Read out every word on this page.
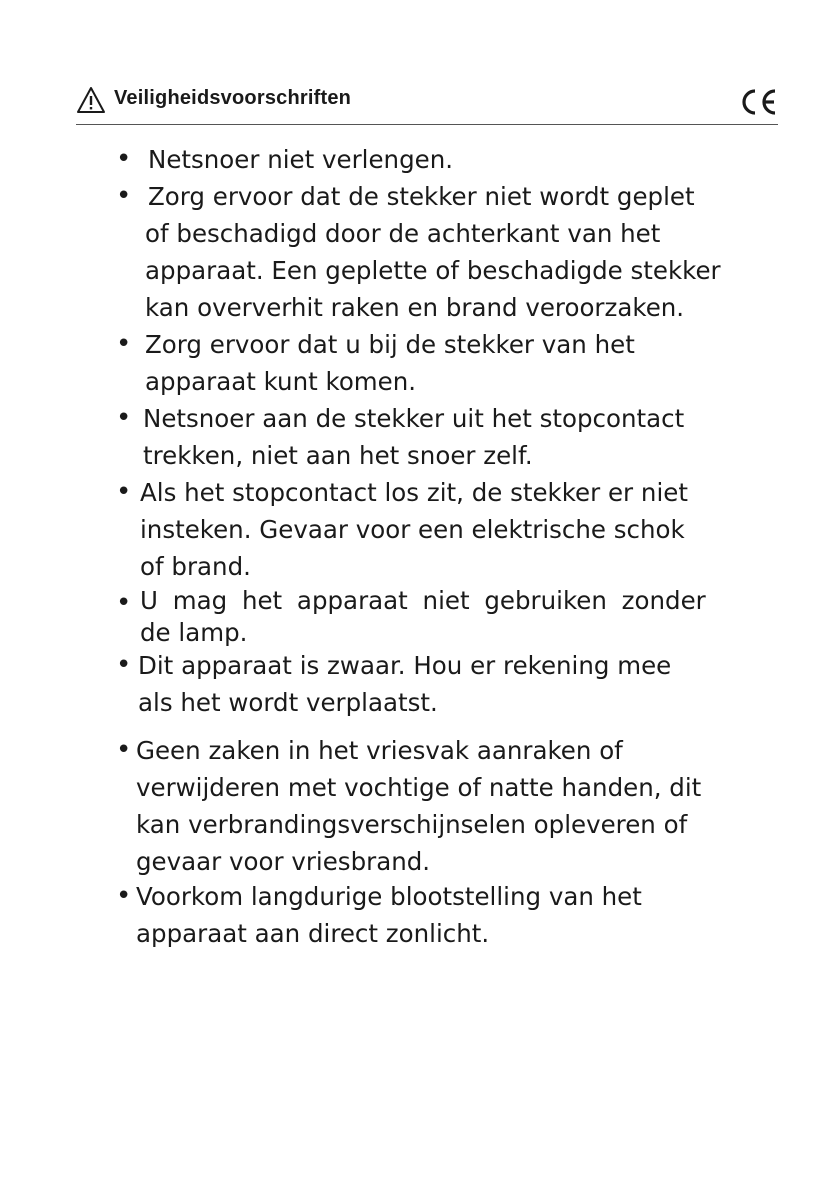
Veiligheidsvoorschriften
• Netsnoer niet verlengen.
• Zorg ervoor dat de stekker niet wordt geplet
of beschadigd door de achterkant van het
apparaat. Een geplette of beschadigde stekker
kan oververhit raken en brand veroorzaken.
• Zorg ervoor dat u bij de stekker van het
apparaat kunt komen.
• Netsnoer aan de stekker uit het stopcontact
trekken, niet aan het snoer zelf.
• Als het stopcontact los zit, de stekker er niet
insteken. Gevaar voor een elektrische schok
of brand.
• U mag het apparaat niet gebruiken zonder
de lamp.
• Dit apparaat is zwaar. Hou er rekening mee
als het wordt verplaatst.
• Geen zaken in het vriesvak aanraken of
verwijderen met vochtige of natte handen, dit
kan verbrandingsverschijnselen opleveren of
gevaar voor vriesbrand.
• Voorkom langdurige blootstelling van het
apparaat aan direct zonlicht.
